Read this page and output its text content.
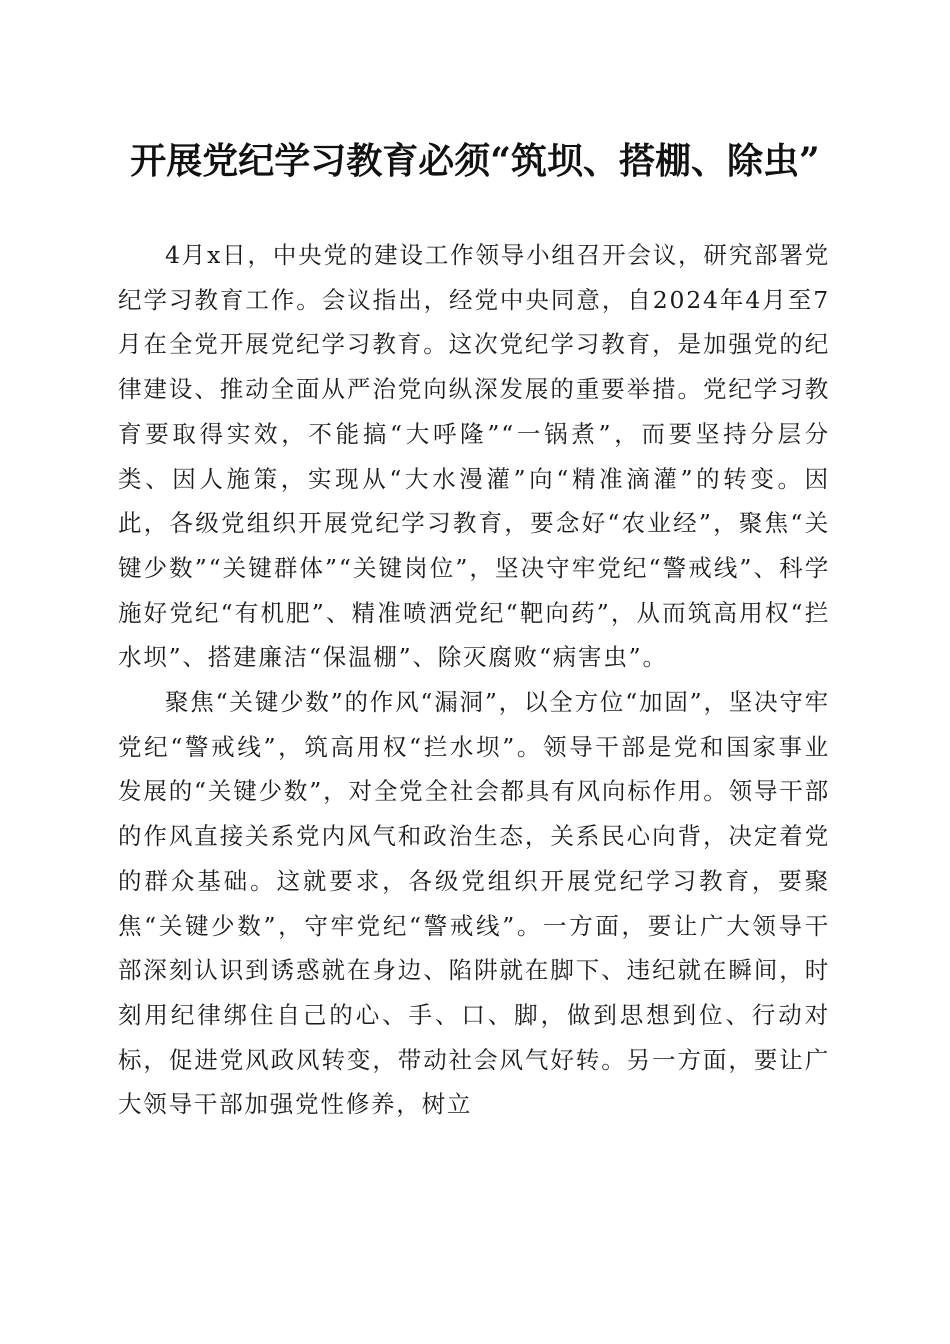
开展党纪学习教育必须“筑坝、搭棚、除虫”

4月x日，中央党的建设工作领导小组召开会议，研究部署党纪学习教育工作。会议指出，经党中央同意，自2024年4月至7月在全党开展党纪学习教育。这次党纪学习教育，是加强党的纪律建设、推动全面从严治党向纵深发展的重要举措。党纪学习教育要取得实效，不能搞“大呼隆”“一锅煮”，而要坚持分层分类、因人施策，实现从“大水漫灌”向“精准滴灌”的转变。因此，各级党组织开展党纪学习教育，要念好“农业经”，聚焦“关键少数”“关键群体”“关键岗位”，坚决守牢党纪“警戒线”、科学施好党纪“有机肥”、精准喷洒党纪“靶向药”，从而筑高用权“拦水坝”、搭建廉洁“保温棚”、除灭腐败“病害虫”。

聚焦“关键少数”的作风“漏洞”，以全方位“加固”，坚决守牢党纪“警戒线”，筑高用权“拦水坝”。领导干部是党和国家事业发展的“关键少数”，对全党全社会都具有风向标作用。领导干部的作风直接关系党内风气和政治生态，关系民心向背，决定着党的群众基础。这就要求，各级党组织开展党纪学习教育，要聚焦“关键少数”，守牢党纪“警戒线”。一方面，要让广大领导干部深刻认识到诱惑就在身边、陷阱就在脚下、违纪就在瞬间，时刻用纪律绑住自己的心、手、口、脚，做到思想到位、行动对标，促进党风政风转变，带动社会风气好转。另一方面，要让广大领导干部加强党性修养，树立
